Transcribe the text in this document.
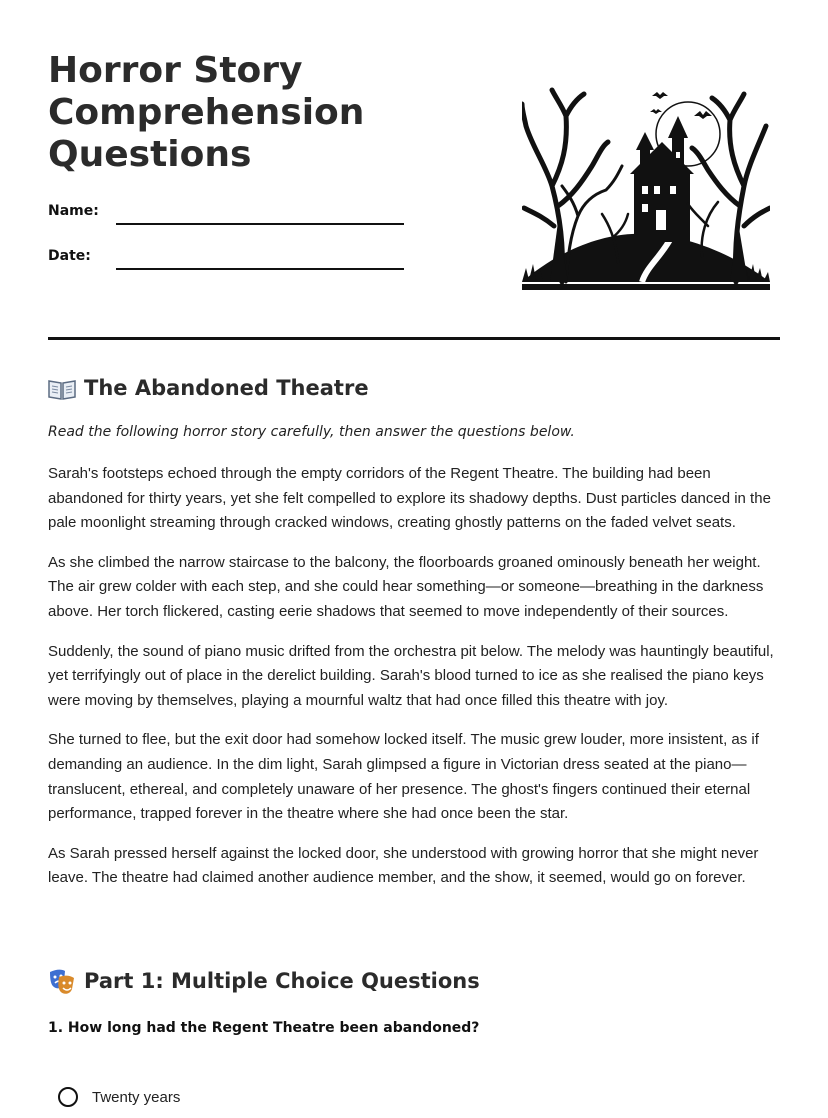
Horror Story Comprehension Questions
Name:
Date:
The Abandoned Theatre
Read the following horror story carefully, then answer the questions below.

Sarah's footsteps echoed through the empty corridors of the Regent Theatre. The building had been abandoned for thirty years, yet she felt compelled to explore its shadowy depths. Dust particles danced in the pale moonlight streaming through cracked windows, creating ghostly patterns on the faded velvet seats.

As she climbed the narrow staircase to the balcony, the floorboards groaned ominously beneath her weight. The air grew colder with each step, and she could hear something—or someone—breathing in the darkness above. Her torch flickered, casting eerie shadows that seemed to move independently of their sources.

Suddenly, the sound of piano music drifted from the orchestra pit below. The melody was hauntingly beautiful, yet terrifyingly out of place in the derelict building. Sarah's blood turned to ice as she realised the piano keys were moving by themselves, playing a mournful waltz that had once filled this theatre with joy.

She turned to flee, but the exit door had somehow locked itself. The music grew louder, more insistent, as if demanding an audience. In the dim light, Sarah glimpsed a figure in Victorian dress seated at the piano—translucent, ethereal, and completely unaware of her presence. The ghost's fingers continued their eternal performance, trapped forever in the theatre where she had once been the star.

As Sarah pressed herself against the locked door, she understood with growing horror that she might never leave. The theatre had claimed another audience member, and the show, it seemed, would go on forever.

Part 1: Multiple Choice Questions
1. How long had the Regent Theatre been abandoned?
Twenty years
